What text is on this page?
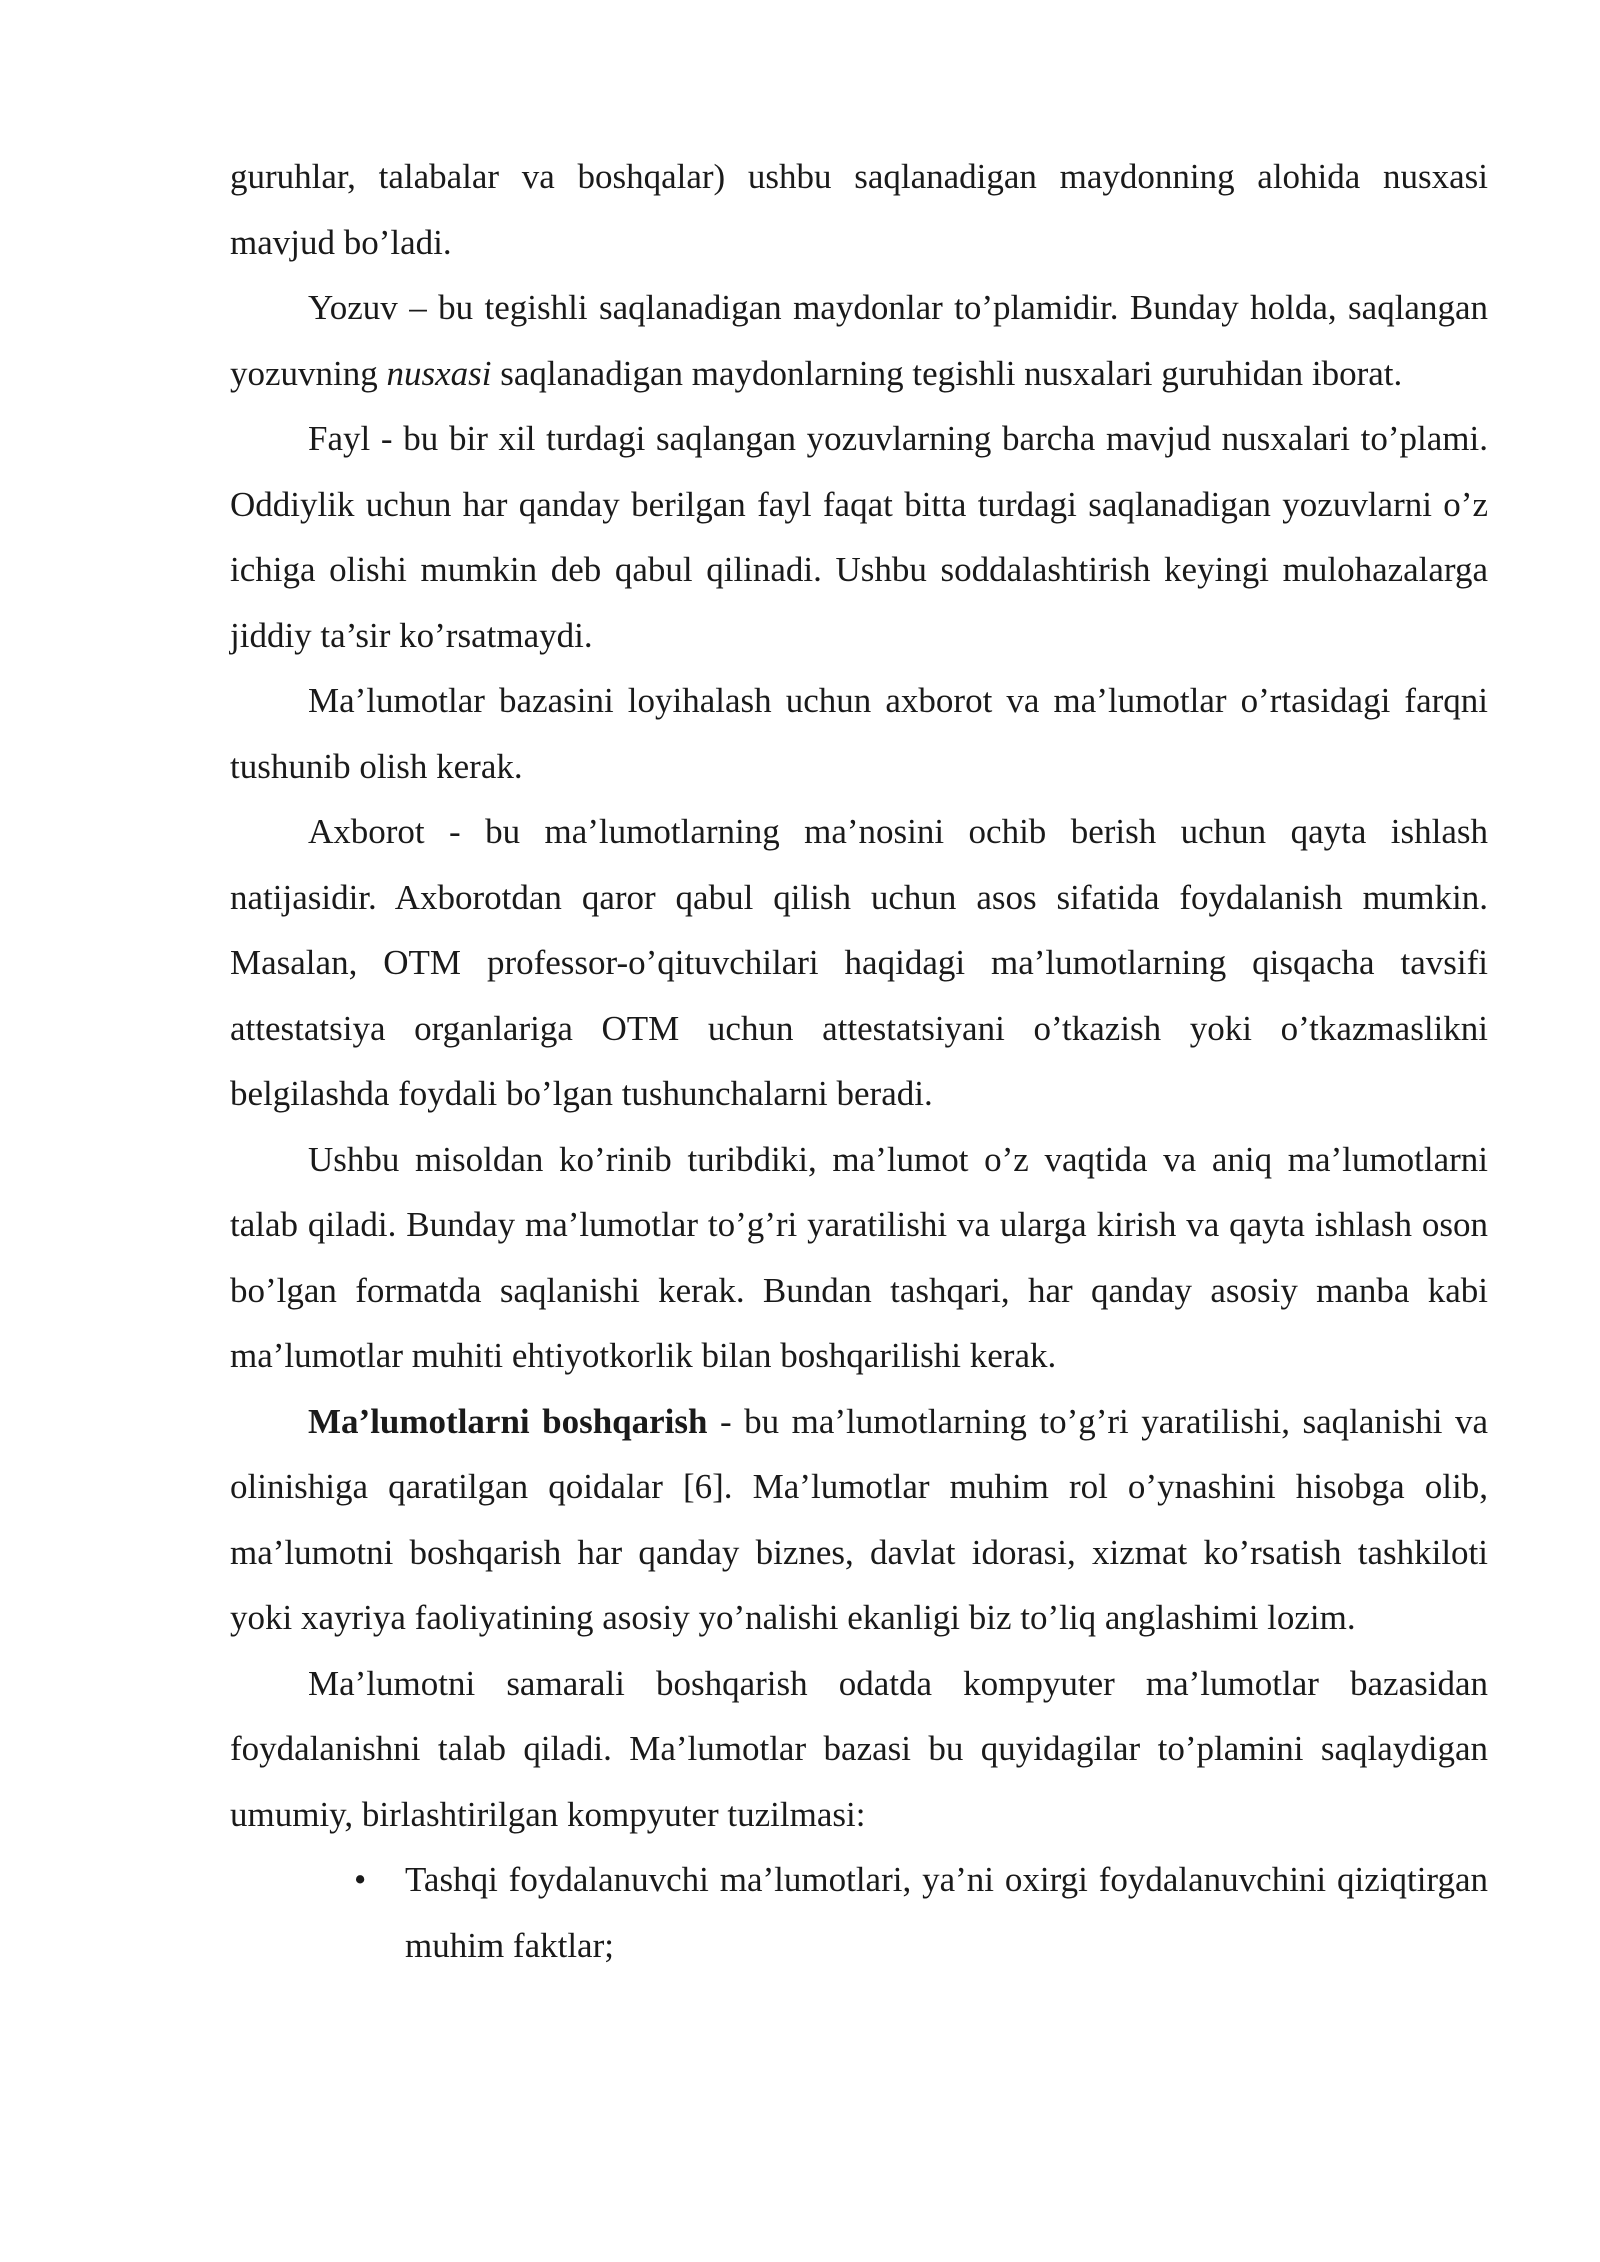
guruhlar, talabalar va boshqalar) ushbu saqlanadigan maydonning alohida nusxasi mavjud bo’ladi.

Yozuv – bu tegishli saqlanadigan maydonlar to’plamidir. Bunday holda, saqlangan yozuvning nusxasi saqlanadigan maydonlarning tegishli nusxalari guruhidan iborat.

Fayl - bu bir xil turdagi saqlangan yozuvlarning barcha mavjud nusxalari to’plami. Oddiylik uchun har qanday berilgan fayl faqat bitta turdagi saqlanadigan yozuvlarni o’z ichiga olishi mumkin deb qabul qilinadi. Ushbu soddalashtirish keyingi mulohazalarga jiddiy ta’sir ko’rsatmaydi.

Ma’lumotlar bazasini loyihalash uchun axborot va ma’lumotlar o’rtasidagi farqni tushunib olish kerak.

Axborot - bu ma’lumotlarning ma’nosini ochib berish uchun qayta ishlash natijasidir. Axborotdan qaror qabul qilish uchun asos sifatida foydalanish mumkin. Masalan, OTM professor-o’qituvchilari haqidagi ma’lumotlarning qisqacha tavsifi attestatsiya organlariga OTM uchun attestatsiyani o’tkazish yoki o’tkazmaslikni belgilashda foydali bo’lgan tushunchalarni beradi.

Ushbu misoldan ko’rinib turibdiki, ma’lumot o’z vaqtida va aniq ma’lumotlarni talab qiladi. Bunday ma’lumotlar to’g’ri yaratilishi va ularga kirish va qayta ishlash oson bo’lgan formatda saqlanishi kerak. Bundan tashqari, har qanday asosiy manba kabi ma’lumotlar muhiti ehtiyotkorlik bilan boshqarilishi kerak.

Ma’lumotlarni boshqarish - bu ma’lumotlarning to’g’ri yaratilishi, saqlanishi va olinishiga qaratilgan qoidalar [6]. Ma’lumotlar muhim rol o’ynashini hisobga olib, ma’lumotni boshqarish har qanday biznes, davlat idorasi, xizmat ko’rsatish tashkiloti yoki xayriya faoliyatining asosiy yo’nalishi ekanligi biz to’liq anglashimi lozim.

Ma’lumotni samarali boshqarish odatda kompyuter ma’lumotlar bazasidan foydalanishni talab qiladi. Ma’lumotlar bazasi bu quyidagilar to’plamini saqlaydigan umumiy, birlashtirilgan kompyuter tuzilmasi:

•	Tashqi foydalanuvchi ma’lumotlari, ya’ni oxirgi foydalanuvchini qiziqtirgan muhim faktlar;
